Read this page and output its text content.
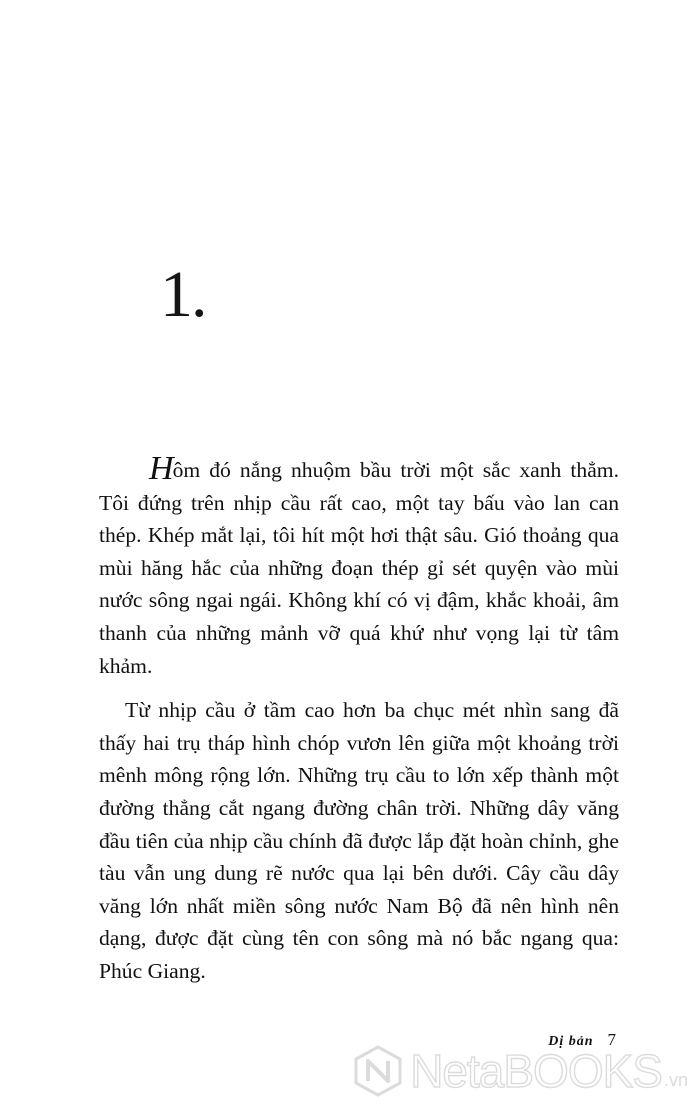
1.

Hôm đó nắng nhuộm bầu trời một sắc xanh thẳm. Tôi đứng trên nhịp cầu rất cao, một tay bấu vào lan can thép. Khép mắt lại, tôi hít một hơi thật sâu. Gió thoảng qua mùi hăng hắc của những đoạn thép gỉ sét quyện vào mùi nước sông ngai ngái. Không khí có vị đậm, khắc khoải, âm thanh của những mảnh vỡ quá khứ như vọng lại từ tâm khảm.

Từ nhịp cầu ở tầm cao hơn ba chục mét nhìn sang đã thấy hai trụ tháp hình chóp vươn lên giữa một khoảng trời mênh mông rộng lớn. Những trụ cầu to lớn xếp thành một đường thẳng cắt ngang đường chân trời. Những dây văng đầu tiên của nhịp cầu chính đã được lắp đặt hoàn chỉnh, ghe tàu vẫn ung dung rẽ nước qua lại bên dưới. Cây cầu dây văng lớn nhất miền sông nước Nam Bộ đã nên hình nên dạng, được đặt cùng tên con sông mà nó bắc ngang qua: Phúc Giang.

Dị bản 7
NetaBOOKS .vn
